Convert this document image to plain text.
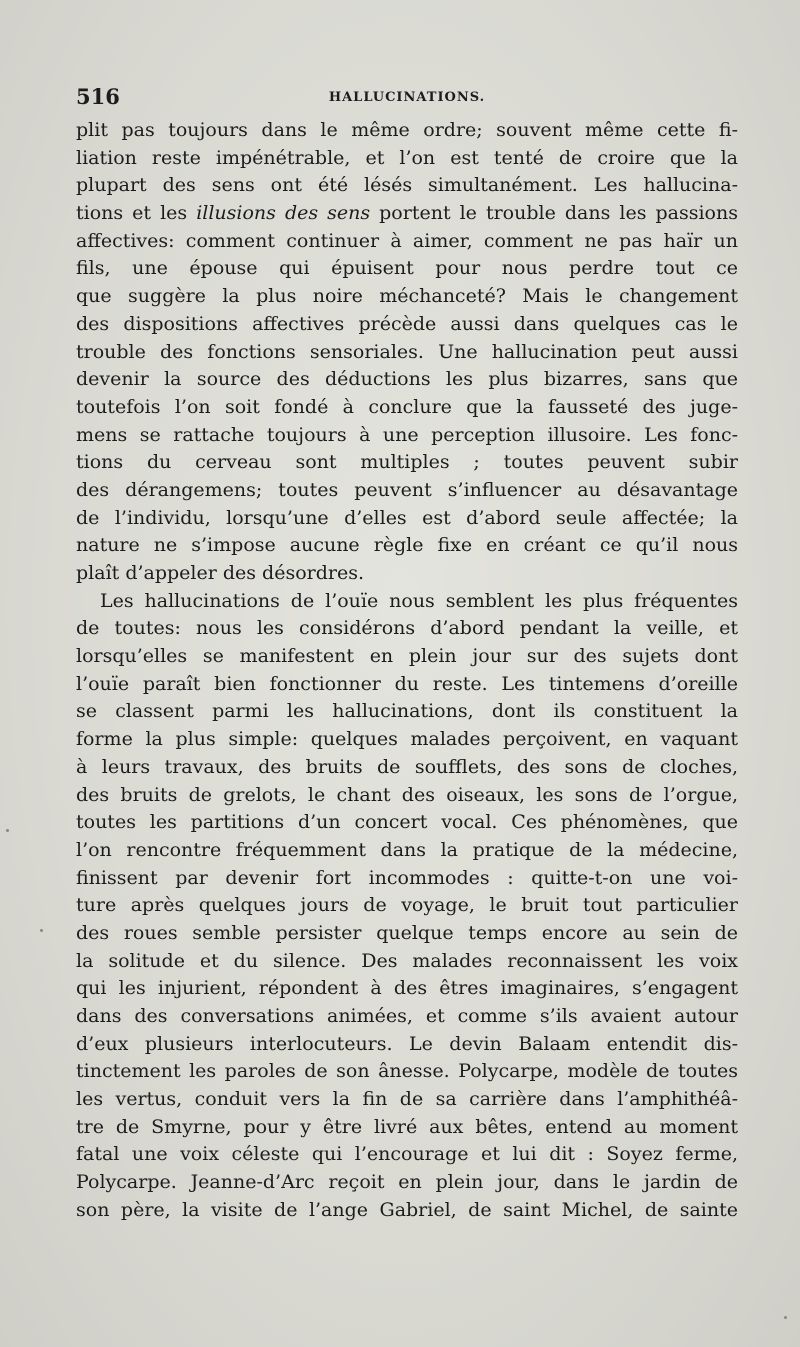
516	HALLUCINATIONS.
plit pas toujours dans le même ordre; souvent même cette fi-
liation reste impénétrable, et l’on est tenté de croire que la
plupart des sens ont été lésés simultanément. Les hallucina-
tions et les illusions des sens portent le trouble dans les passions
affectives: comment continuer à aimer, comment ne pas haïr un
fils, une épouse qui épuisent pour nous perdre tout ce
que suggère la plus noire méchanceté? Mais le changement
des dispositions affectives précède aussi dans quelques cas le
trouble des fonctions sensoriales. Une hallucination peut aussi
devenir la source des déductions les plus bizarres, sans que
toutefois l’on soit fondé à conclure que la fausseté des juge-
mens se rattache toujours à une perception illusoire. Les fonc-
tions du cerveau sont multiples ; toutes peuvent subir
des dérangemens; toutes peuvent s’influencer au désavantage
de l’individu, lorsqu’une d’elles est d’abord seule affectée; la
nature ne s’impose aucune règle fixe en créant ce qu’il nous
plaît d’appeler des désordres.
Les hallucinations de l’ouïe nous semblent les plus fréquentes
de toutes: nous les considérons d’abord pendant la veille, et
lorsqu’elles se manifestent en plein jour sur des sujets dont
l’ouïe paraît bien fonctionner du reste. Les tintemens d’oreille
se classent parmi les hallucinations, dont ils constituent la
forme la plus simple: quelques malades perçoivent, en vaquant
à leurs travaux, des bruits de soufflets, des sons de cloches,
des bruits de grelots, le chant des oiseaux, les sons de l’orgue,
toutes les partitions d’un concert vocal. Ces phénomènes, que
l’on rencontre fréquemment dans la pratique de la médecine,
finissent par devenir fort incommodes : quitte-t-on une voi-
ture après quelques jours de voyage, le bruit tout particulier
des roues semble persister quelque temps encore au sein de
la solitude et du silence. Des malades reconnaissent les voix
qui les injurient, répondent à des êtres imaginaires, s’engagent
dans des conversations animées, et comme s’ils avaient autour
d’eux plusieurs interlocuteurs. Le devin Balaam entendit dis-
tinctement les paroles de son ânesse. Polycarpe, modèle de toutes
les vertus, conduit vers la fin de sa carrière dans l’amphithéâ-
tre de Smyrne, pour y être livré aux bêtes, entend au moment
fatal une voix céleste qui l’encourage et lui dit : Soyez ferme,
Polycarpe. Jeanne-d’Arc reçoit en plein jour, dans le jardin de
son père, la visite de l’ange Gabriel, de saint Michel, de sainte
